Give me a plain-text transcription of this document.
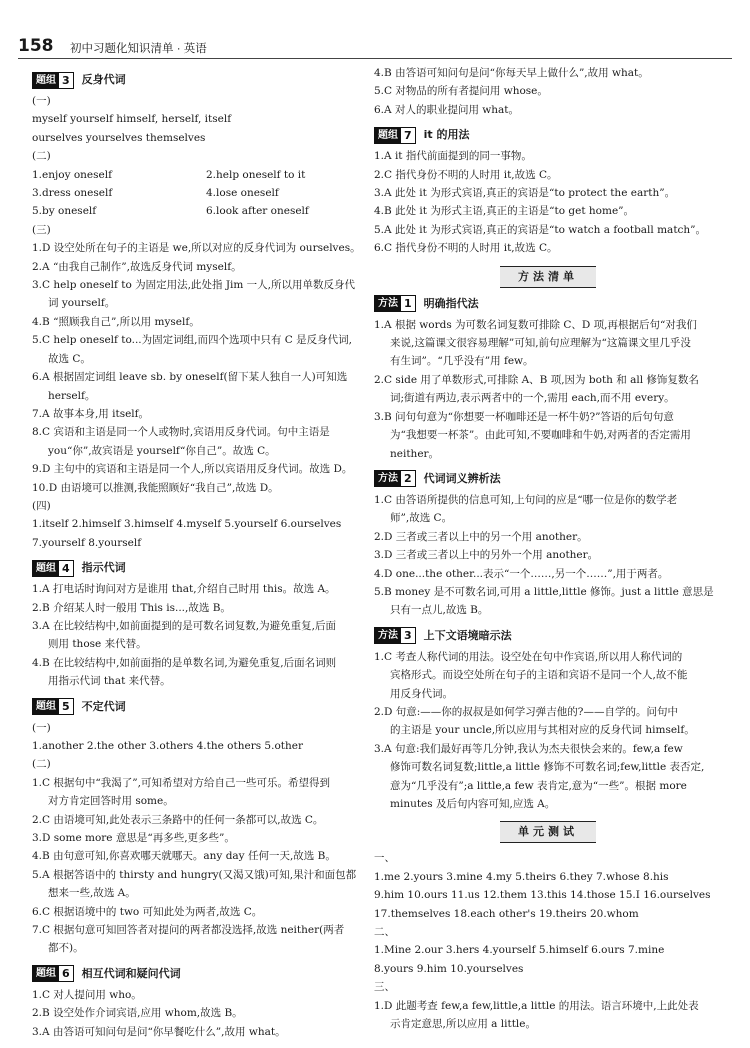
158 初中习题化知识清单 · 英语
题组 3 反身代词
(一)
myself yourself himself, herself, itself
ourselves yourselves themselves
(二)
1.enjoy oneself	2.help oneself to it
3.dress oneself	4.lose oneself
5.by oneself	6.look after oneself
(三)
1.D 设空处所在句子的主语是 we,所以对应的反身代词为 ourselves。
2.A “由我自己制作”,故选反身代词 myself。
3.C help oneself to 为固定用法,此处指 Jim 一人,所以用单数反身代
词 yourself。
4.B “照顾我自己”,所以用 myself。
5.C help oneself to...为固定词组,而四个选项中只有 C 是反身代词,
故选 C。
6.A 根据固定词组 leave sb. by oneself(留下某人独自一人)可知选
herself。
7.A 故事本身,用 itself。
8.C 宾语和主语是同一个人或物时,宾语用反身代词。句中主语是
you“你”,故宾语是 yourself“你自己”。故选 C。
9.D 主句中的宾语和主语是同一个人,所以宾语用反身代词。故选 D。
10.D 由语境可以推测,我能照顾好“我自己”,故选 D。
(四)
1.itself 2.himself 3.himself 4.myself 5.yourself 6.ourselves
7.yourself 8.yourself
题组 4 指示代词
1.A 打电话时询问对方是谁用 that,介绍自己时用 this。故选 A。
2.B 介绍某人时一般用 This is...,故选 B。
3.A 在比较结构中,如前面提到的是可数名词复数,为避免重复,后面
则用 those 来代替。
4.B 在比较结构中,如前面指的是单数名词,为避免重复,后面名词则
用指示代词 that 来代替。
题组 5 不定代词
(一)
1.another 2.the other 3.others 4.the others 5.other
(二)
1.C 根据句中“我渴了”,可知希望对方给自己一些可乐。希望得到
对方肯定回答时用 some。
2.C 由语境可知,此处表示三条路中的任何一条都可以,故选 C。
3.D some more 意思是“再多些,更多些”。
4.B 由句意可知,你喜欢哪天就哪天。any day 任何一天,故选 B。
5.A 根据答语中的 thirsty and hungry(又渴又饿)可知,果汁和面包都
想来一些,故选 A。
6.C 根据语境中的 two 可知此处为两者,故选 C。
7.C 根据句意可知回答者对提问的两者都没选择,故选 neither(两者
都不)。
题组 6 相互代词和疑问代词
1.C 对人提问用 who。
2.B 设空处作介词宾语,应用 whom,故选 B。
3.A 由答语可知问句是问“你早餐吃什么”,故用 what。
4.B 由答语可知问句是问“你每天早上做什么”,故用 what。
5.C 对物品的所有者提问用 whose。
6.A 对人的职业提问用 what。
题组 7 it 的用法
1.A it 指代前面提到的同一事物。
2.C 指代身份不明的人时用 it,故选 C。
3.A 此处 it 为形式宾语,真正的宾语是“to protect the earth”。
4.B 此处 it 为形式主语,真正的主语是“to get home”。
5.A 此处 it 为形式宾语,真正的宾语是“to watch a football match”。
6.C 指代身份不明的人时用 it,故选 C。
方法清单
方法 1 明确指代法
1.A 根据 words 为可数名词复数可排除 C、D 项,再根据后句“对我们
来说,这篇课文很容易理解”可知,前句应理解为“这篇课文里几乎没
有生词”。“几乎没有”用 few。
2.C side 用了单数形式,可排除 A、B 项,因为 both 和 all 修饰复数名
词;街道有两边,表示两者中的一个,需用 each,而不用 every。
3.B 问句句意为“你想要一杯咖啡还是一杯牛奶?”答语的后句句意
为“我想要一杯茶”。由此可知,不要咖啡和牛奶,对两者的否定需用
neither。
方法 2 代词词义辨析法
1.C 由答语所提供的信息可知,上句问的应是“哪一位是你的数学老
师”,故选 C。
2.D 三者或三者以上中的另一个用 another。
3.D 三者或三者以上中的另外一个用 another。
4.D one...the other...表示“一个……,另一个……”,用于两者。
5.B money 是不可数名词,可用 a little,little 修饰。just a little 意思是
只有一点儿,故选 B。
方法 3 上下文语境暗示法
1.C 考查人称代词的用法。设空处在句中作宾语,所以用人称代词的
宾格形式。而设空处所在句子的主语和宾语不是同一个人,故不能
用反身代词。
2.D 句意:——你的叔叔是如何学习弹吉他的?——自学的。问句中
的主语是 your uncle,所以应用与其相对应的反身代词 himself。
3.A 句意:我们最好再等几分钟,我认为杰夫很快会来的。few,a few
修饰可数名词复数;little,a little 修饰不可数名词;few,little 表否定,
意为“几乎没有”;a little,a few 表肯定,意为“一些”。根据 more
minutes 及后句内容可知,应选 A。
单元测试
一、
1.me 2.yours 3.mine 4.my 5.theirs 6.they 7.whose 8.his
9.him 10.ours 11.us 12.them 13.this 14.those 15.I 16.ourselves
17.themselves 18.each other's 19.theirs 20.whom
二、
1.Mine 2.our 3.hers 4.yourself 5.himself 6.ours 7.mine
8.yours 9.him 10.yourselves
三、
1.D 此题考查 few,a few,little,a little 的用法。语言环境中,上此处表
示肯定意思,所以应用 a little。
